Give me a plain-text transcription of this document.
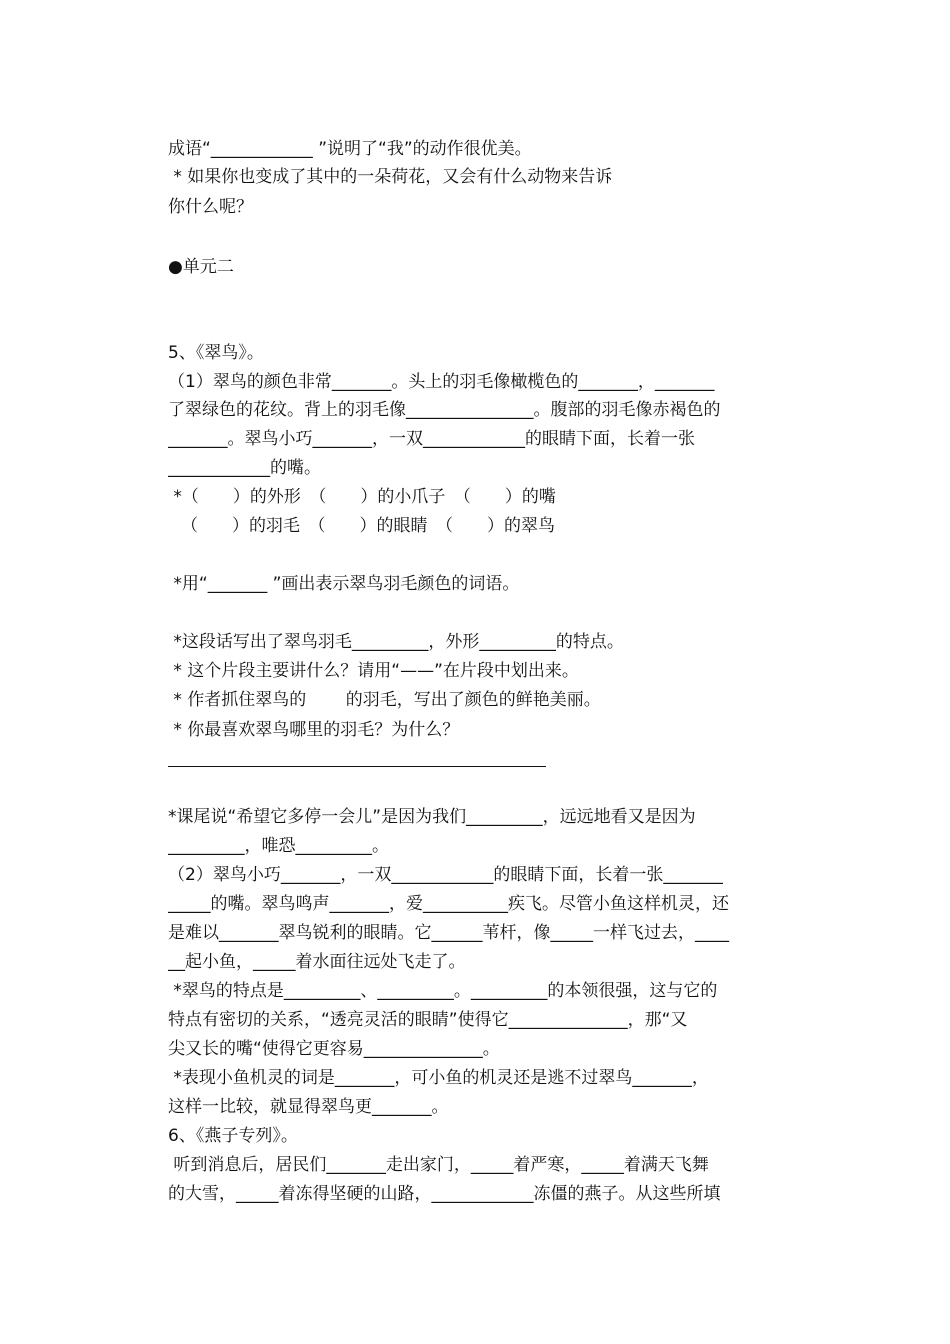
成语“____________ ”说明了“我”的动作很优美。
* 如果你也变成了其中的一朵荷花，又会有什么动物来告诉
你什么呢？
●单元二
5、《翠鸟》。
（1）翠鸟的颜色非常_______。头上的羽毛像橄榄色的_______，_______
了翠绿色的花纹。背上的羽毛像_______________。腹部的羽毛像赤褐色的
_______。翠鸟小巧_______，一双____________的眼睛下面，长着一张
____________的嘴。
*（　　）的外形　（　　）的小爪子　（　　）的嘴
（　　）的羽毛　（　　）的眼睛　（　　）的翠鸟
*用“_______ ”画出表示翠鸟羽毛颜色的词语。
*这段话写出了翠鸟羽毛_________，外形_________的特点。
* 这个片段主要讲什么？请用“——”在片段中划出来。
* 作者抓住翠鸟的　　 的羽毛，写出了颜色的鲜艳美丽。
* 你最喜欢翠鸟哪里的羽毛？为什么？
*课尾说“希望它多停一会儿”是因为我们_________，远远地看又是因为
_________，唯恐_________。
（2）翠鸟小巧_______，一双____________的眼睛下面，长着一张_______
_____的嘴。翠鸟鸣声_______，爱__________疾飞。尽管小鱼这样机灵，还
是难以_______翠鸟锐利的眼睛。它______苇杆，像_____一样飞过去，____
__起小鱼，_____着水面往远处飞走了。
*翠鸟的特点是_________、_________。_________的本领很强，这与它的
特点有密切的关系，“透亮灵活的眼睛”使得它______________，那“又
尖又长的嘴“使得它更容易______________。
*表现小鱼机灵的词是_______，可小鱼的机灵还是逃不过翠鸟_______，
这样一比较，就显得翠鸟更_______。
6、《燕子专列》。
听到消息后，居民们_______走出家门，_____着严寒，_____着满天飞舞
的大雪，_____着冻得坚硬的山路，____________冻僵的燕子。从这些所填
